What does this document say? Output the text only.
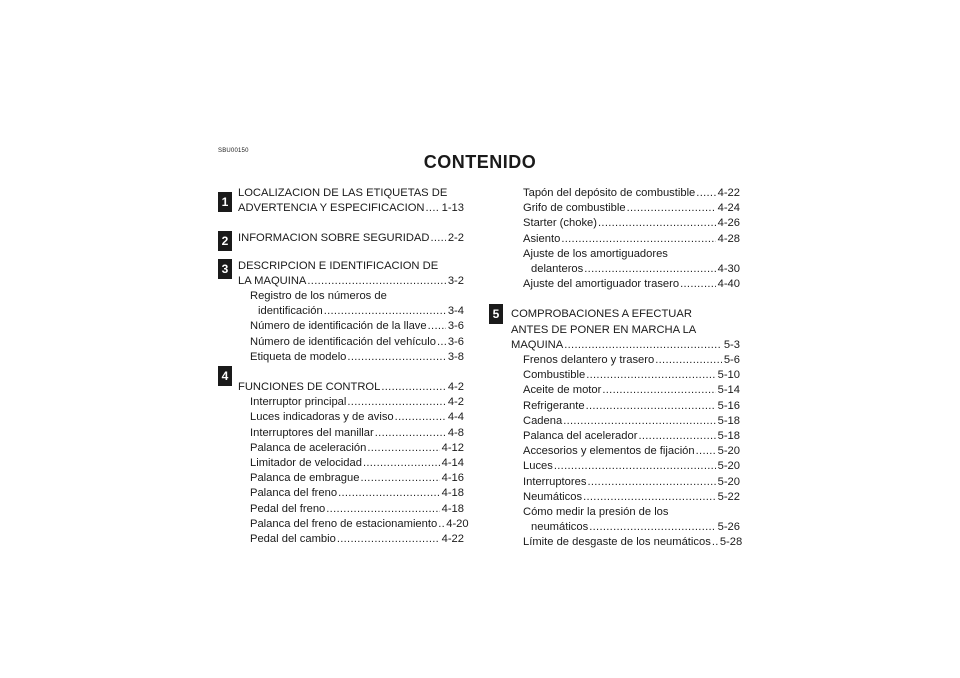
SBU00150
CONTENIDO
1
2
3
4
5
LOCALIZACION DE LAS ETIQUETAS DE
ADVERTENCIA Y ESPECIFICACION ..... 1-13
INFORMACION SOBRE SEGURIDAD ..... 2-2
DESCRIPCION E IDENTIFICACION DE
LA MAQUINA .....	3-2
Registro de los números de
identificación .....	3-4
Número de identificación de la llave ..... 3-6
Número de identificación del vehículo ..... 3-6
Etiqueta de modelo .....	3-8
FUNCIONES DE CONTROL .....	4-2
Interruptor principal .....	4-2
Luces indicadoras y de aviso .....	4-4
Interruptores del manillar .....	4-8
Palanca de aceleración .....	4-12
Limitador de velocidad .....	4-14
Palanca de embrague .....	4-16
Palanca del freno .....	4-18
Pedal del freno .....	4-18
Palanca del freno de estacionamiento ..... 4-20
Pedal del cambio .....	4-22
Tapón del depósito de combustible ..... 4-22
Grifo de combustible .....	4-24
Starter (choke) .....	4-26
Asiento .....	4-28
Ajuste de los amortiguadores
delanteros .....	4-30
Ajuste del amortiguador trasero .....	4-40
COMPROBACIONES A EFECTUAR
ANTES DE PONER EN MARCHA LA
MAQUINA .....	5-3
Frenos delantero y trasero .....	5-6
Combustible .....	5-10
Aceite de motor .....	5-14
Refrigerante .....	5-16
Cadena .....	5-18
Palanca del acelerador .....	5-18
Accesorios y elementos de fijación ..... 5-20
Luces .....	5-20
Interruptores .....	5-20
Neumáticos .....	5-22
Cómo medir la presión de los
neumáticos .....	5-26
Límite de desgaste de los neumáticos ..... 5-28
